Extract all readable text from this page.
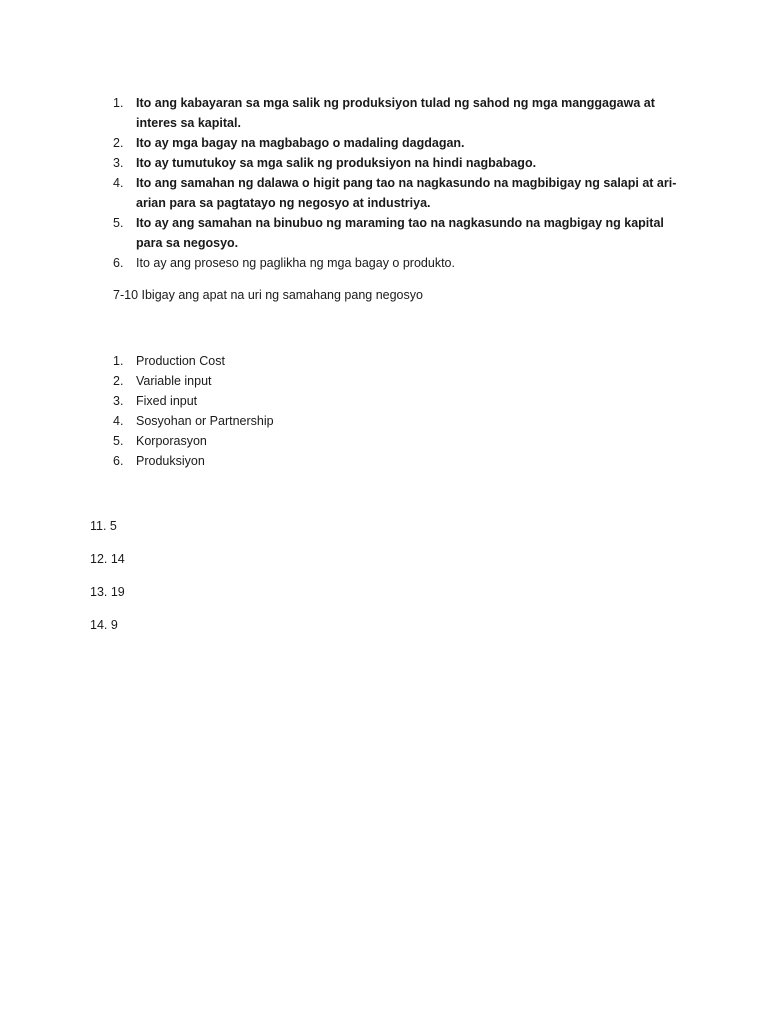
1.	Ito ang kabayaran sa mga salik ng produksiyon tulad ng sahod ng mga manggagawa at interes sa kapital.
2.	Ito ay mga bagay na magbabago o madaling dagdagan.
3.	Ito ay tumutukoy sa mga salik ng produksiyon na hindi nagbabago.
4.	Ito ang samahan ng dalawa o higit pang tao na nagkasundo na magbibigay ng salapi at ari-arian para sa pagtatayo ng negosyo at industriya.
5.	Ito ay ang samahan na binubuo ng maraming tao na nagkasundo na magbigay ng kapital para sa negosyo.
6.	Ito ay ang proseso ng paglikha ng mga bagay o produkto.
7-10 Ibigay ang apat na uri ng samahang pang negosyo
1. Production Cost
2. Variable input
3. Fixed input
4. Sosyohan or Partnership
5. Korporasyon
6. Produksiyon
11. 5
12. 14
13. 19
14. 9
